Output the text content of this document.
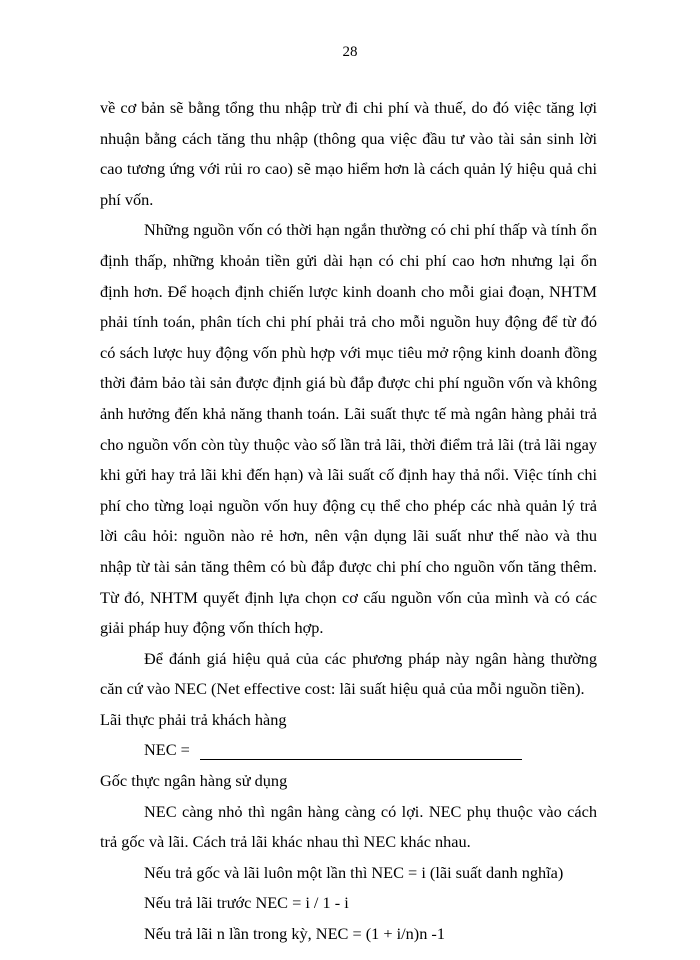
28

về cơ bản sẽ bằng tổng thu nhập trừ đi chi phí và thuế, do đó việc tăng lợi nhuận bằng cách tăng thu nhập (thông qua việc đầu tư vào tài sản sinh lời cao tương ứng với rủi ro cao) sẽ mạo hiểm hơn là cách quản lý hiệu quả chi phí vốn.

Những nguồn vốn có thời hạn ngắn thường có chi phí thấp và tính ổn định thấp, những khoản tiền gửi dài hạn có chi phí cao hơn nhưng lại ổn định hơn. Để hoạch định chiến lược kinh doanh cho mỗi giai đoạn, NHTM phải tính toán, phân tích chi phí phải trả cho mỗi nguồn huy động để từ đó có sách lược huy động vốn phù hợp với mục tiêu mở rộng kinh doanh đồng thời đảm bảo tài sản được định giá bù đắp được chi phí nguồn vốn và không ảnh hưởng đến khả năng thanh toán. Lãi suất thực tế mà ngân hàng phải trả cho nguồn vốn còn tùy thuộc vào số lần trả lãi, thời điểm trả lãi (trả lãi ngay khi gửi hay trả lãi khi đến hạn) và lãi suất cố định hay thả nổi. Việc tính chi phí cho từng loại nguồn vốn huy động cụ thể cho phép các nhà quản lý trả lời câu hỏi: nguồn nào rẻ hơn, nên vận dụng lãi suất như thế nào và thu nhập từ tài sản tăng thêm có bù đắp được chi phí cho nguồn vốn tăng thêm. Từ đó, NHTM quyết định lựa chọn cơ cấu nguồn vốn của mình và có các giải pháp huy động vốn thích hợp.

Để đánh giá hiệu quả của các phương pháp này ngân hàng thường căn cứ vào NEC (Net effective cost: lãi suất hiệu quả của mỗi nguồn tiền).

Lãi thực phải trả khách hàng

NEC =

Gốc thực ngân hàng sử dụng

NEC càng nhỏ thì ngân hàng càng có lợi. NEC phụ thuộc vào cách trả gốc và lãi. Cách trả lãi khác nhau thì NEC khác nhau.

Nếu trả gốc và lãi luôn một lần thì NEC = i (lãi suất danh nghĩa)

Nếu trả lãi trước NEC = i / 1 - i

Nếu trả lãi n lần trong kỳ, NEC = (1 + i/n)n -1
